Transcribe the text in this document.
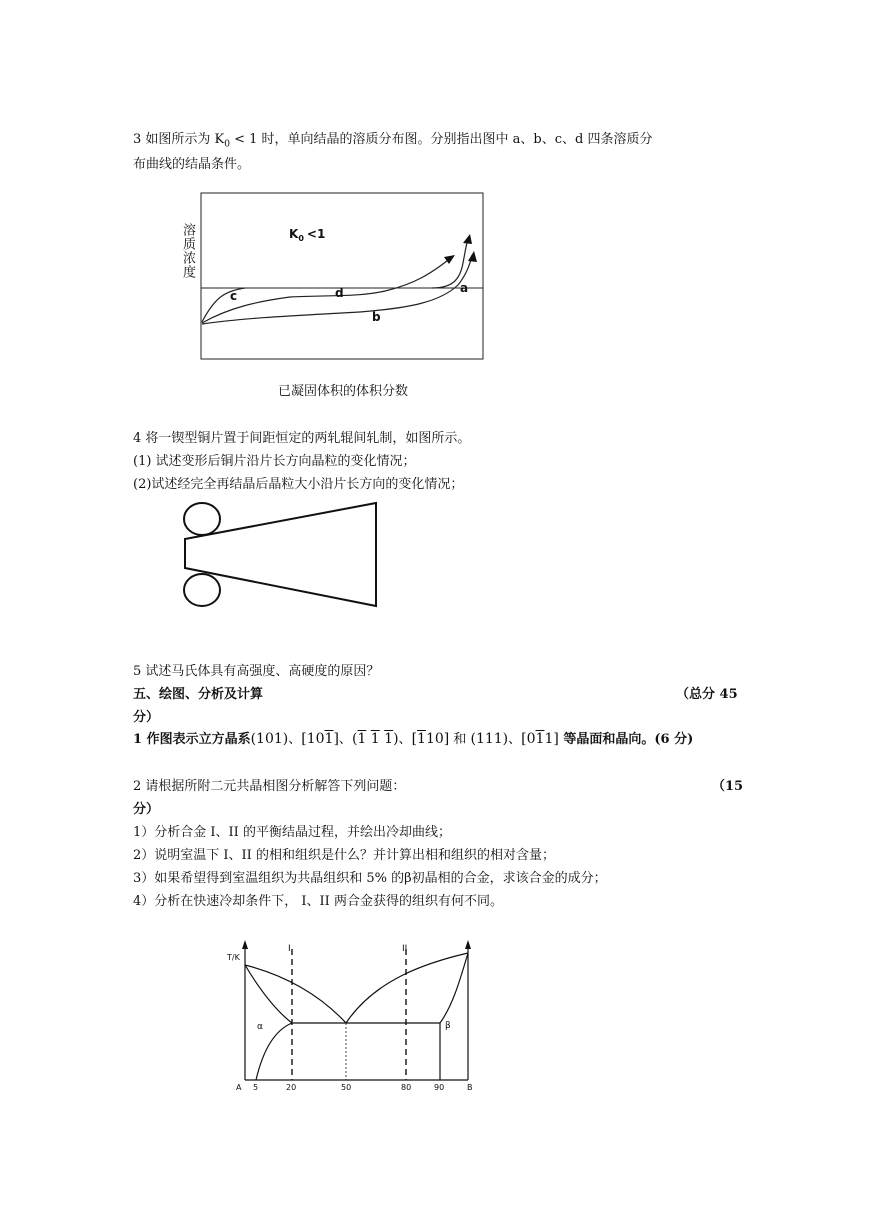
3 如图所示为 $K_0 < 1$ 时，单向结晶的溶质分布图。分别指出图中 a、b、c、d 四条溶质分
布曲线的结晶条件。
$K_0 <1$
c	d	a
b
溶质浓度
已凝固体积的体积分数
4 将一锲型铜片置于间距恒定的两轧辊间轧制，如图所示。
(1) 试述变形后铜片沿片长方向晶粒的变化情况；
(2)试述经完全再结晶后晶粒大小沿片长方向的变化情况；
5 试述马氏体具有高强度、高硬度的原因？
五、绘图、分析及计算	（总分 45
分）
1 作图表示立方晶系(101)、[101]、(1 1 1)、[110] 和 (111)、[011] 等晶面和晶向。(6 分)
2 请根据所附二元共晶相图分析解答下列问题：	（15
分）
1）分析合金 I、II 的平衡结晶过程，并绘出冷却曲线；
2）说明室温下 I、II 的相和组织是什么？并计算出相和组织的相对含量；
3）如果希望得到室温组织为共晶组织和 5% 的β初晶相的合金，求该合金的成分；
4）分析在快速冷却条件下， I、II 两合金获得的组织有何不同。
T/K
I	II
α	β
A	B
5	20	50	80	90
